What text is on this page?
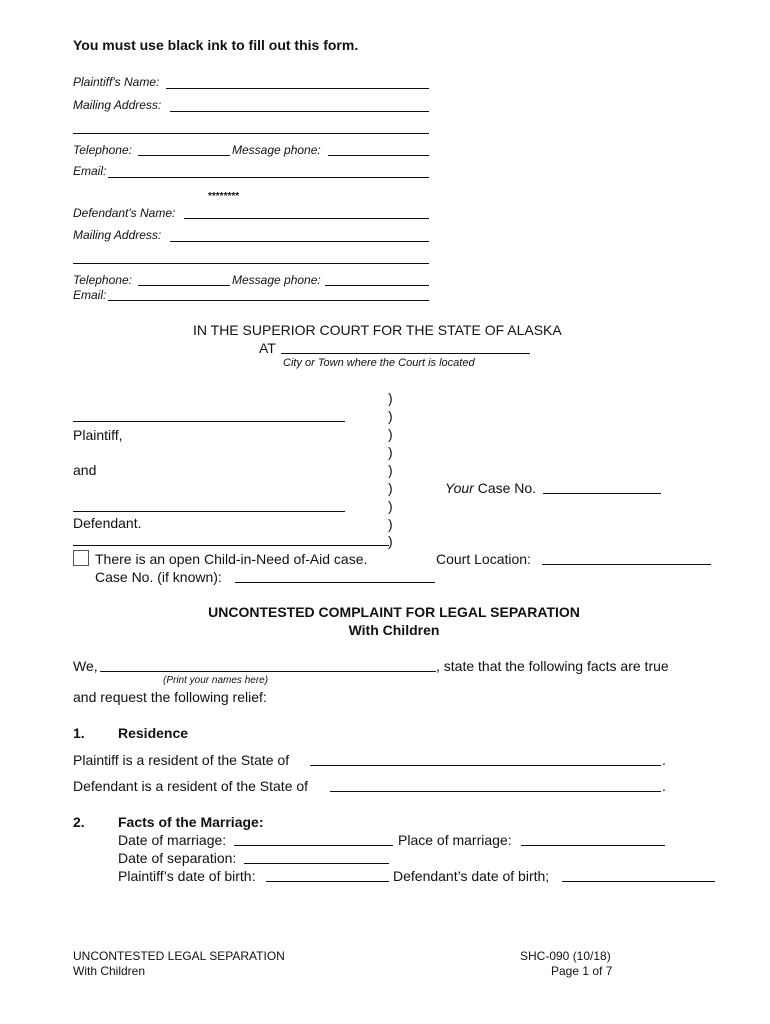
You must use black ink to fill out this form.
Plaintiff's Name:
Mailing Address:
Telephone:	Message phone:
Email:
********
Defendant's Name:
Mailing Address:
Telephone:	Message phone:
Email:
IN THE SUPERIOR COURT FOR THE STATE OF ALASKA
AT
City or Town where the Court is located
)
)
)
)
)
)
)
)
)
Plaintiff,
and
Defendant.
Your Case No.
There is an open Child-in-Need of-Aid case.
Case No. (if known):
Court Location:
UNCONTESTED COMPLAINT FOR LEGAL SEPARATION
With Children
We,	, state that the following facts are true
(Print your names here)
and request the following relief:
1. Residence
Plaintiff is a resident of the State of	.
Defendant is a resident of the State of	.
2. Facts of the Marriage:
Date of marriage:	Place of marriage:
Date of separation:
Plaintiff’s date of birth:	Defendant’s date of birth;
UNCONTESTED LEGAL SEPARATION
With Children
SHC-090 (10/18)
Page 1 of 7
